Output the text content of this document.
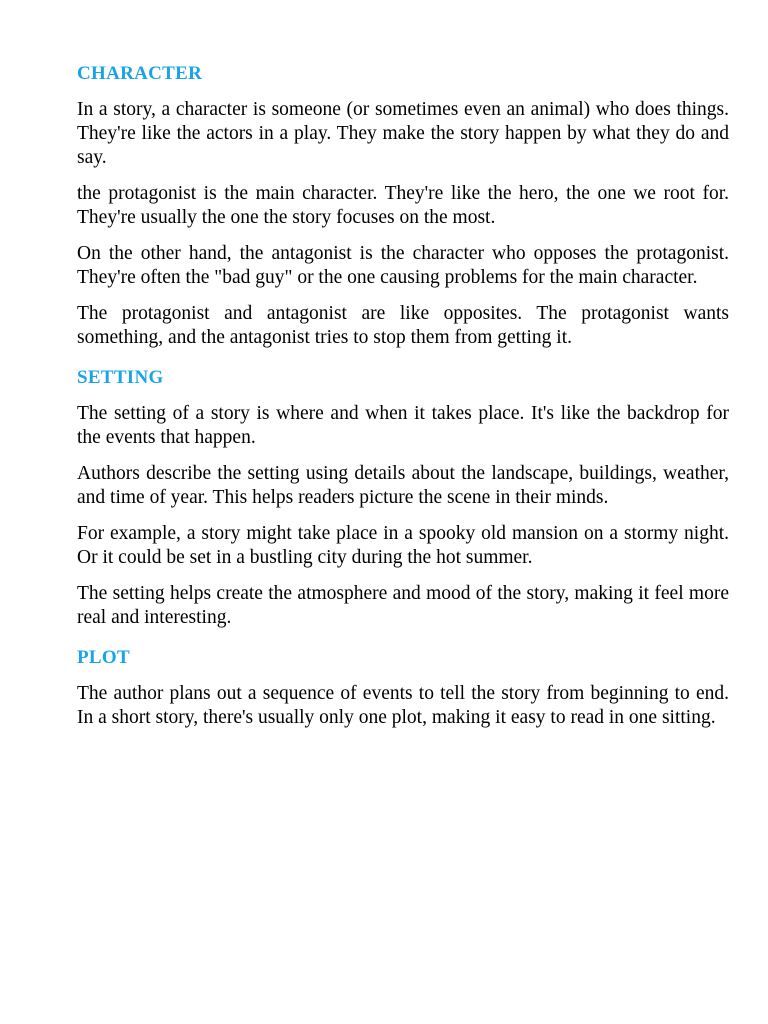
CHARACTER

In a story, a character is someone (or sometimes even an animal) who does things. They're like the actors in a play. They make the story happen by what they do and say.

the protagonist is the main character. They're like the hero, the one we root for. They're usually the one the story focuses on the most.

On the other hand, the antagonist is the character who opposes the protagonist. They're often the "bad guy" or the one causing problems for the main character.

The protagonist and antagonist are like opposites. The protagonist wants something, and the antagonist tries to stop them from getting it.

SETTING

The setting of a story is where and when it takes place. It's like the backdrop for the events that happen.

Authors describe the setting using details about the landscape, buildings, weather, and time of year. This helps readers picture the scene in their minds.

For example, a story might take place in a spooky old mansion on a stormy night. Or it could be set in a bustling city during the hot summer.

The setting helps create the atmosphere and mood of the story, making it feel more real and interesting.

PLOT

The author plans out a sequence of events to tell the story from beginning to end. In a short story, there's usually only one plot, making it easy to read in one sitting.
